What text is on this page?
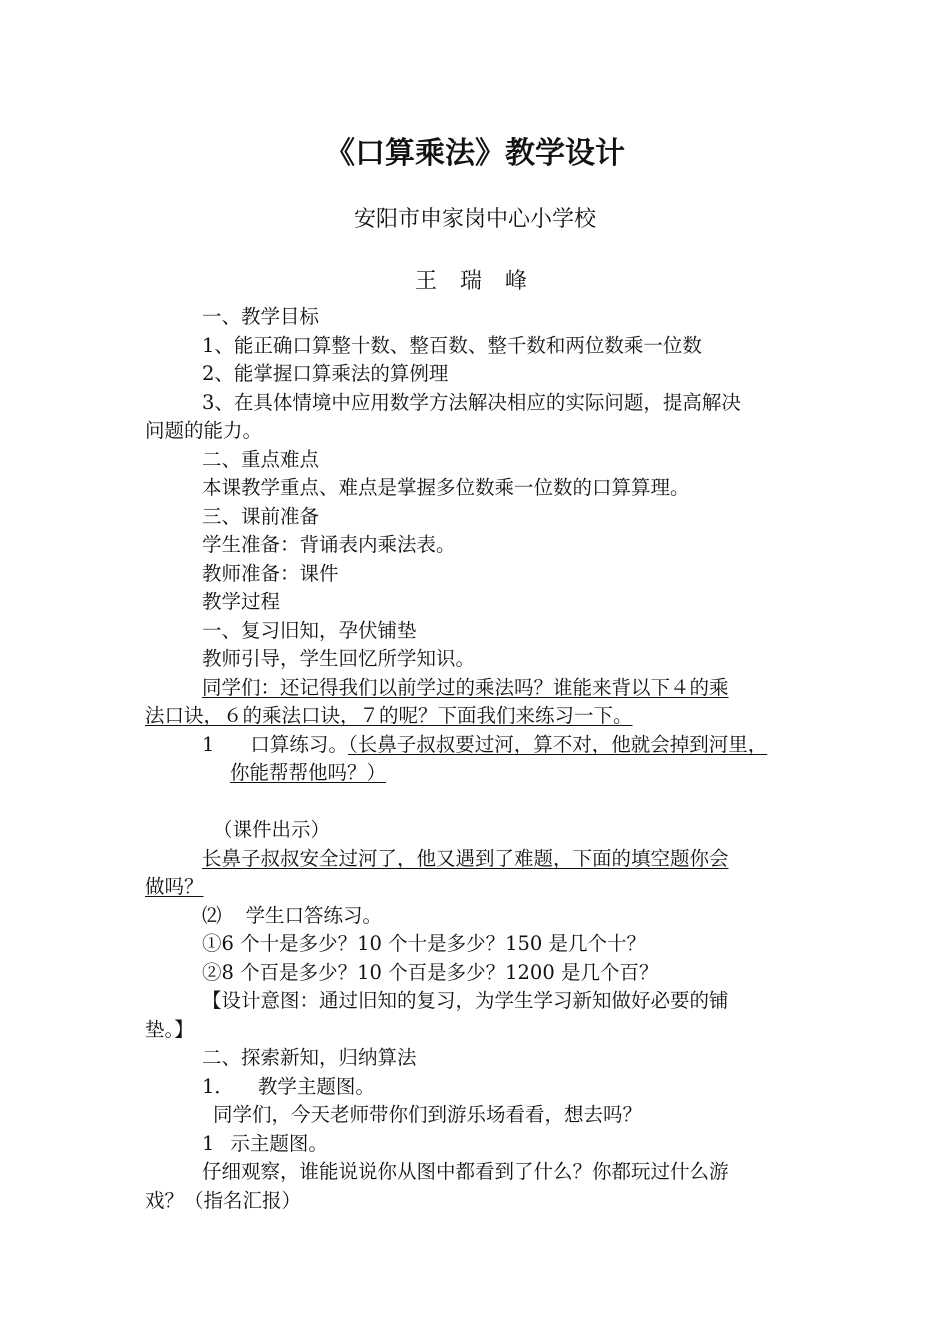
《口算乘法》教学设计
安阳市申家岗中心小学校
王 瑞 峰

一、教学目标

1、能正确口算整十数、整百数、整千数和两位数乘一位数

2、能掌握口算乘法的算例理

3、在具体情境中应用数学方法解决相应的实际问题，提高解决

问题的能力。

二、重点难点

本课教学重点、难点是掌握多位数乘一位数的口算算理。

三、课前准备

学生准备：背诵表内乘法表。

教师准备：课件

教学过程

一、复习旧知，孕伏铺垫

教师引导，学生回忆所学知识。

同学们：还记得我们以前学过的乘法吗？谁能来背以下４的乘

法口诀，６的乘法口诀，７的呢？下面我们来练习一下。

1 口算练习。（长鼻子叔叔要过河，算不对，他就会掉到河里，

你能帮帮他吗？）

（课件出示）

长鼻子叔叔安全过河了，他又遇到了难题，下面的填空题你会

做吗？

⑵ 学生口答练习。

①6 个十是多少？10 个十是多少？150 是几个十？

②8 个百是多少？10 个百是多少？1200 是几个百？

【设计意图：通过旧知的复习，为学生学习新知做好必要的铺

垫。】

二、探索新知，归纳算法

1． 教学主题图。

同学们，今天老师带你们到游乐场看看，想去吗？

1 示主题图。

仔细观察，谁能说说你从图中都看到了什么？你都玩过什么游

戏？（指名汇报）
